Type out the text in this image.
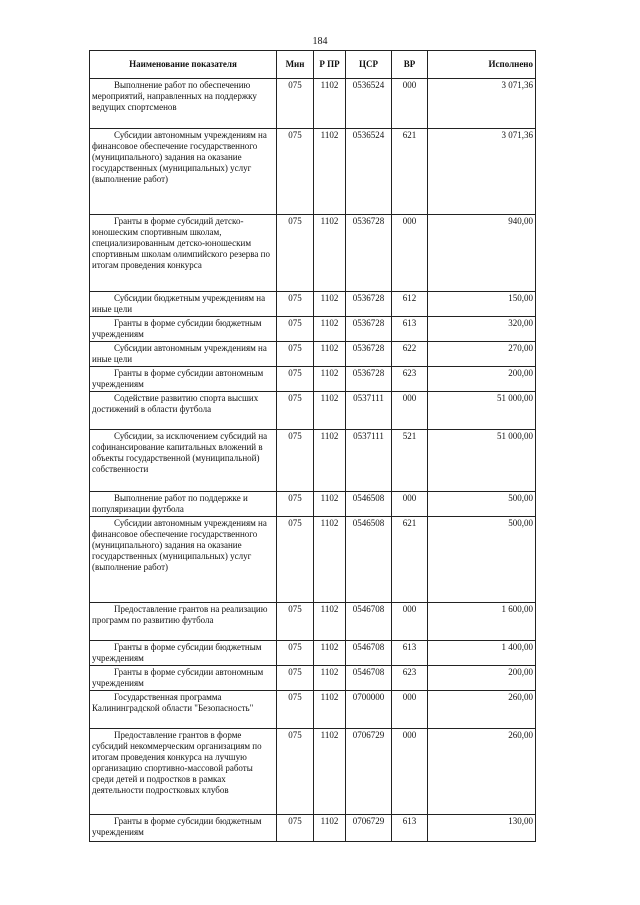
184
Наименование показателя	Мин	Р ПР	ЦСР	ВР	Исполнено
Выполнение работ по обеспечению мероприятий, направленных на поддержку ведущих спортсменов	075	1102	0536524	000	3 071,36
Субсидии автономным учреждениям на финансовое обеспечение государственного (муниципального) задания на оказание государственных (муниципальных) услуг (выполнение работ)	075	1102	0536524	621	3 071,36
Гранты в форме субсидий детско-юношеским спортивным школам, специализированным детско-юношеским спортивным школам олимпийского резерва по итогам проведения конкурса	075	1102	0536728	000	940,00
Субсидии бюджетным учреждениям на иные цели	075	1102	0536728	612	150,00
Гранты в форме субсидии бюджетным учреждениям	075	1102	0536728	613	320,00
Субсидии автономным учреждениям на иные цели	075	1102	0536728	622	270,00
Гранты в форме субсидии автономным учреждениям	075	1102	0536728	623	200,00
Содействие развитию спорта высших достижений в области футбола	075	1102	0537111	000	51 000,00
Субсидии, за исключением субсидий на софинансирование капитальных вложений в объекты государственной (муниципальной) собственности	075	1102	0537111	521	51 000,00
Выполнение работ по поддержке и популяризации футбола	075	1102	0546508	000	500,00
Субсидии автономным учреждениям на финансовое обеспечение государственного (муниципального) задания на оказание государственных (муниципальных) услуг (выполнение работ)	075	1102	0546508	621	500,00
Предоставление грантов на реализацию программ по развитию футбола	075	1102	0546708	000	1 600,00
Гранты в форме субсидии бюджетным учреждениям	075	1102	0546708	613	1 400,00
Гранты в форме субсидии автономным учреждениям	075	1102	0546708	623	200,00
Государственная программа Калининградской области "Безопасность"	075	1102	0700000	000	260,00
Предоставление грантов в форме субсидий некоммерческим организациям по итогам проведения конкурса на лучшую организацию спортивно-массовой работы среди детей и подростков в рамках деятельности подростковых клубов	075	1102	0706729	000	260,00
Гранты в форме субсидии бюджетным учреждениям	075	1102	0706729	613	130,00
